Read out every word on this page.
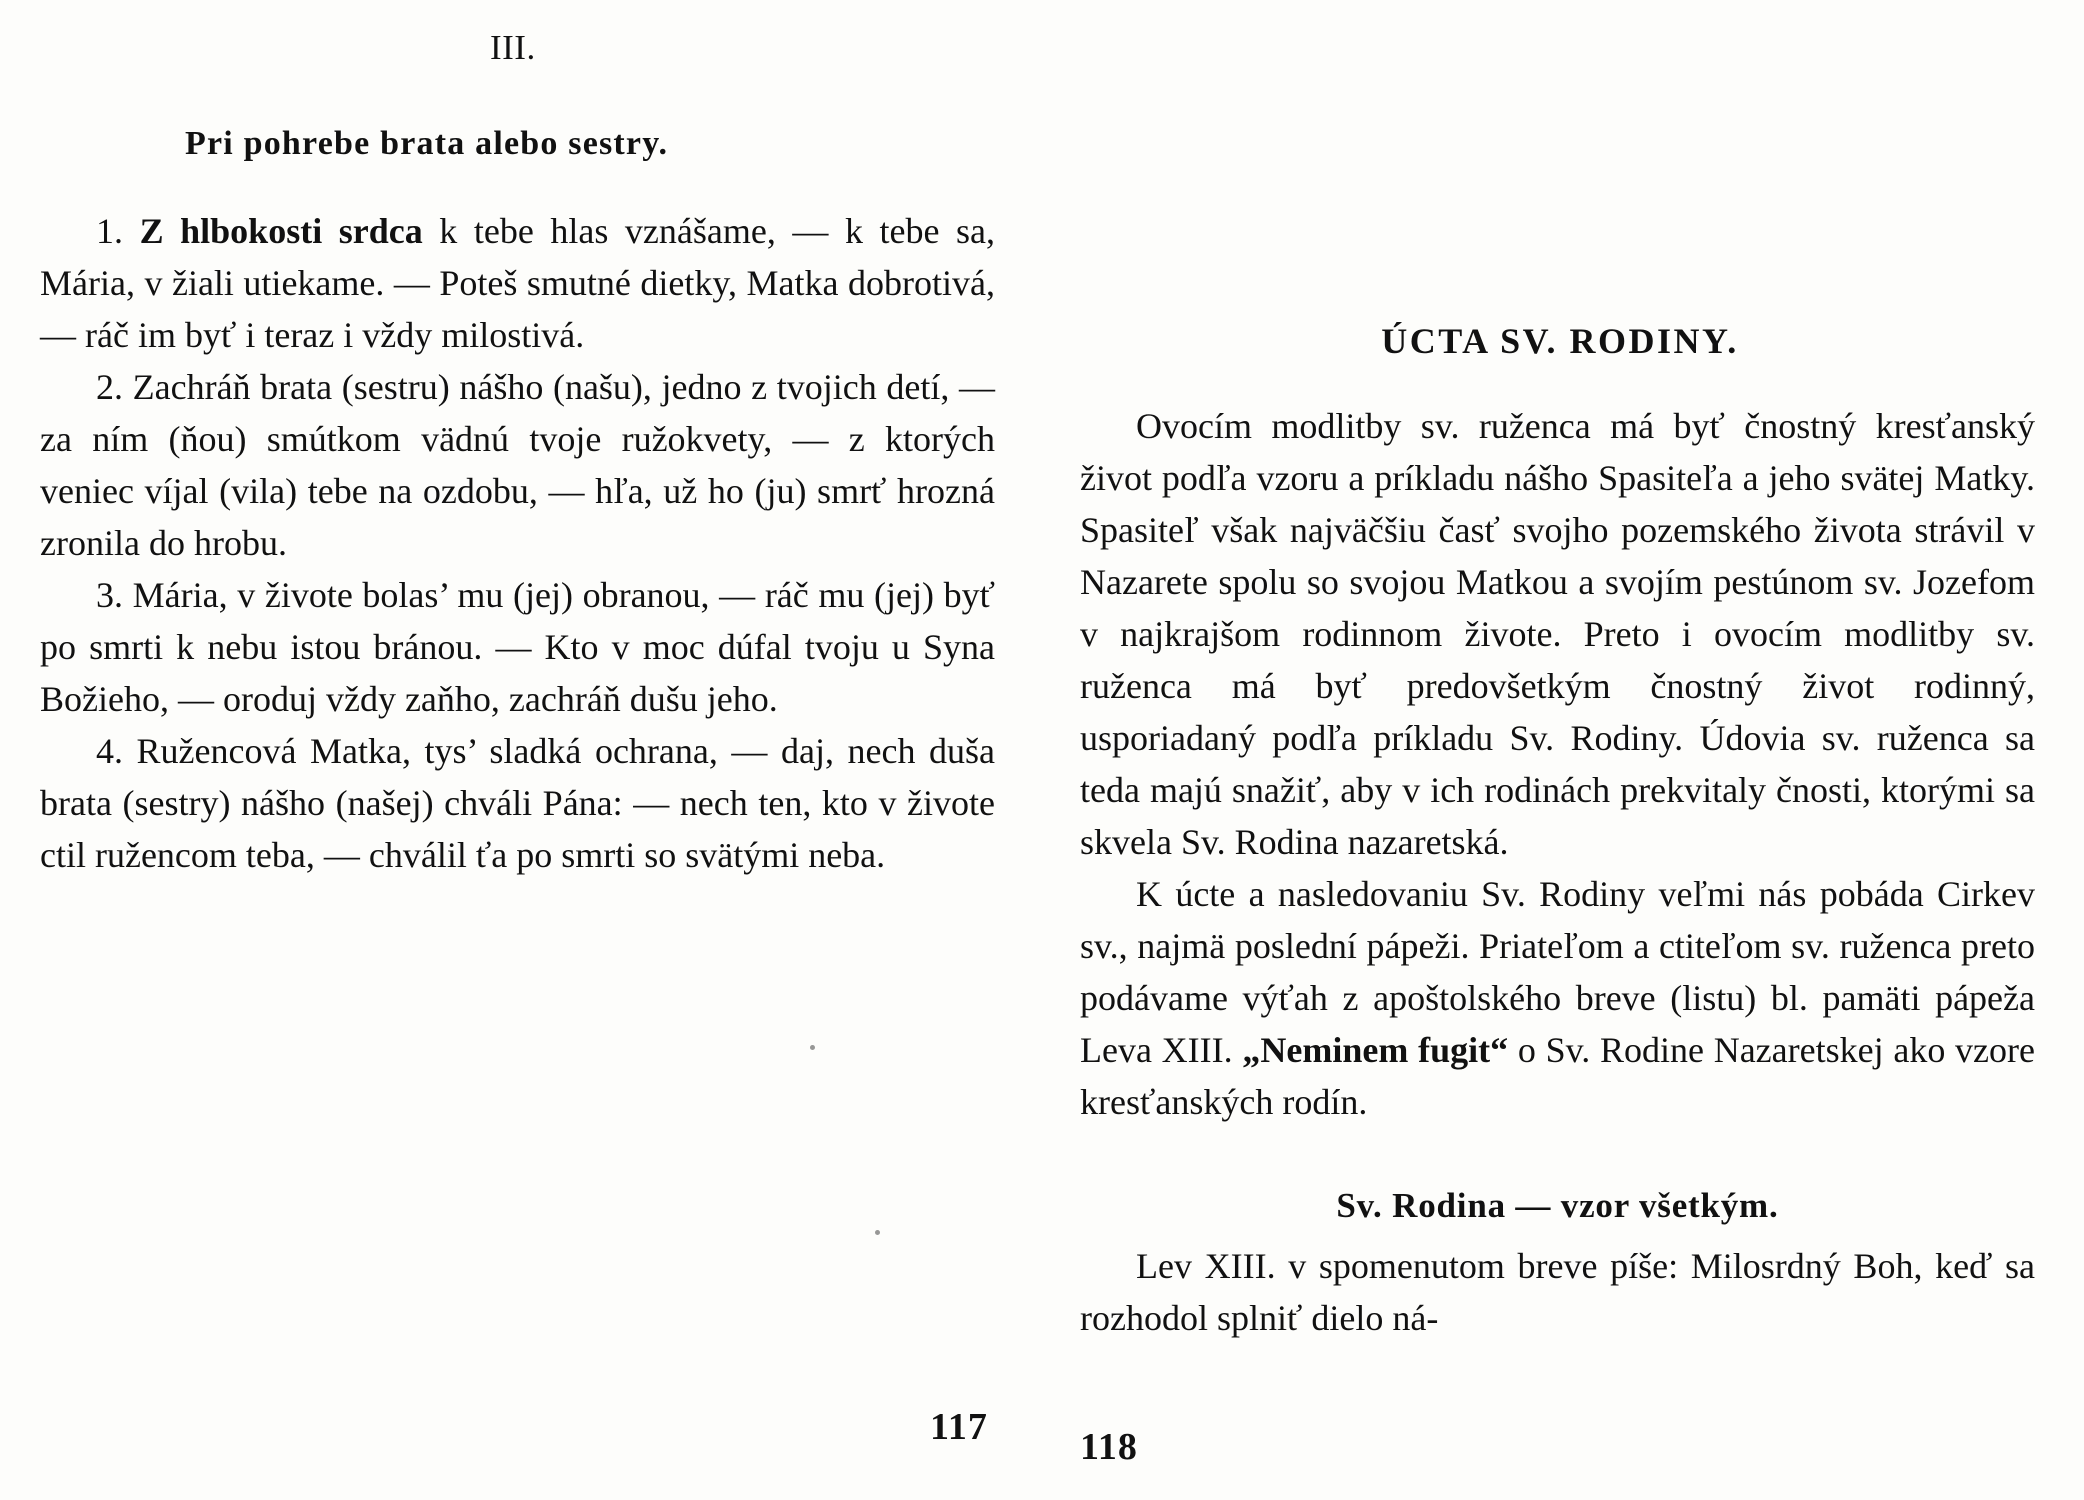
III.
Pri pohrebe brata alebo sestry.

1. Z hlbokosti srdca k tebe hlas vznášame, — k tebe sa, Mária, v žiali utiekame. — Poteš smutné dietky, Matka dobrotivá, — ráč im byť i teraz i vždy milostivá.

2. Zachráň brata (sestru) nášho (našu), jedno z tvojich detí, — za ním (ňou) smútkom vädnú tvoje ružokvety, — z ktorých veniec víjal (vila) tebe na ozdobu, — hľa, už ho (ju) smrť hrozná zronila do hrobu.

3. Mária, v živote bolas’ mu (jej) obranou, — ráč mu (jej) byť po smrti k nebu istou bránou. — Kto v moc dúfal tvoju u Syna Božieho, — oroduj vždy zaňho, zachráň dušu jeho.

4. Ružencová Matka, tys’ sladká ochrana, — daj, nech duša brata (sestry) nášho (našej) chváli Pána: — nech ten, kto v živote ctil ružencom teba, — chválil ťa po smrti so svätými neba.

ÚCTA SV. RODINY.

Ovocím modlitby sv. ruženca má byť čnostný kresťanský život podľa vzoru a príkladu nášho Spasiteľa a jeho svätej Matky. Spasiteľ však najväčšiu časť svojho pozemského života strávil v Nazarete spolu so svojou Matkou a svojím pestúnom sv. Jozefom v najkrajšom rodinnom živote. Preto i ovocím modlitby sv. ruženca má byť predovšetkým čnostný život rodinný, usporiadaný podľa príkladu Sv. Rodiny. Údovia sv. ruženca sa teda majú snažiť, aby v ich rodinách prekvitaly čnosti, ktorými sa skvela Sv. Rodina nazaretská.

K úcte a nasledovaniu Sv. Rodiny veľmi nás pobáda Cirkev sv., najmä poslední pápeži. Priateľom a ctiteľom sv. ruženca preto podávame výťah z apoštolského breve (listu) bl. pamäti pápeža Leva XIII. „Neminem fugit“ o Sv. Rodine Nazaretskej ako vzore kresťanských rodín.

Sv. Rodina — vzor všetkým.

Lev XIII. v spomenutom breve píše: Milosrdný Boh, keď sa rozhodol splniť dielo ná-

117 118
